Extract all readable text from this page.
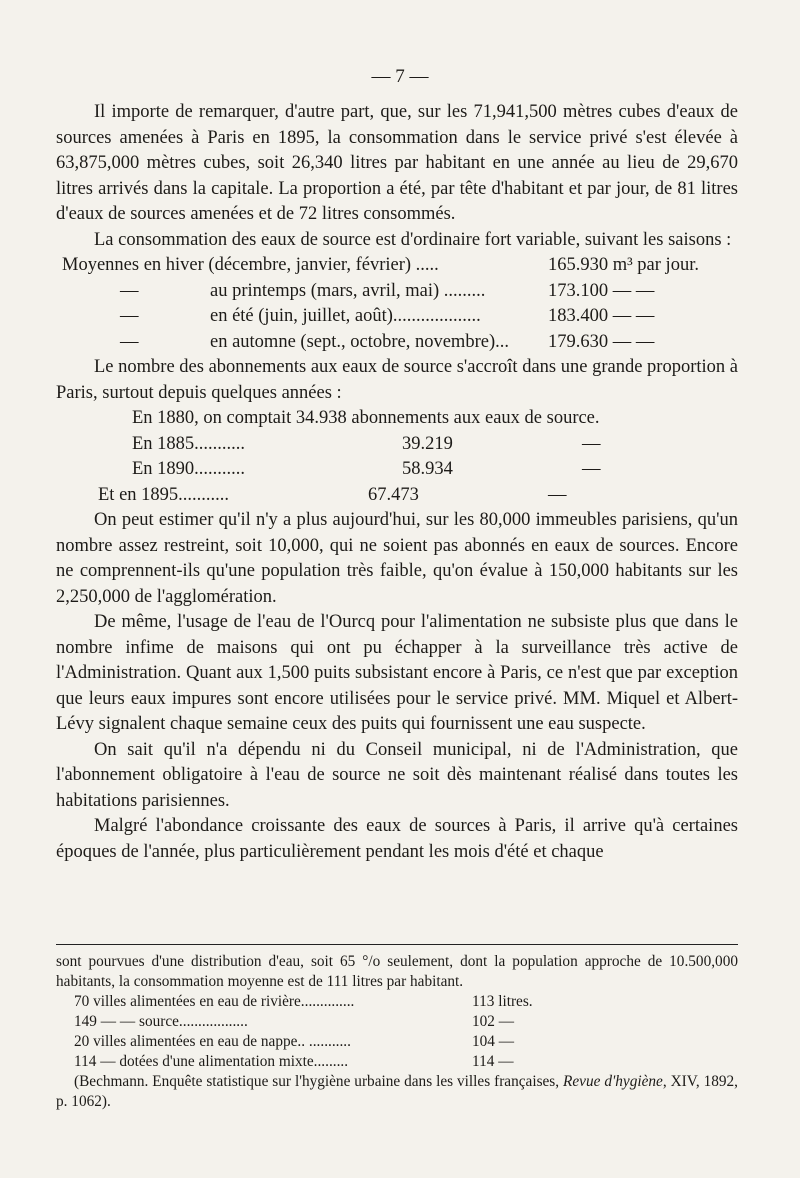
— 7 —

Il importe de remarquer, d'autre part, que, sur les 71,941,500 mètres cubes d'eaux de sources amenées à Paris en 1895, la consommation dans le service privé s'est élevée à 63,875,000 mètres cubes, soit 26,340 litres par habitant en une année au lieu de 29,670 litres arrivés dans la capitale. La proportion a été, par tête d'habitant et par jour, de 81 litres d'eaux de sources amenées et de 72 litres consommés.

La consommation des eaux de source est d'ordinaire fort variable, suivant les saisons :

Moyennes en hiver (décembre, janvier, février) .....	165.930 m³ par jour.
—	au printemps (mars, avril, mai) .........	173.100 — —
—	en été (juin, juillet, août)...................	183.400 — —
—	en automne (sept., octobre, novembre)...	179.630 — —

Le nombre des abonnements aux eaux de source s'accroît dans une grande proportion à Paris, surtout depuis quelques années :

En 1880, on comptait 34.938 abonnements aux eaux de source.
En 1885...........	39.219	—
En 1890...........	58.934	—
Et en 1895...........	67.473	—

On peut estimer qu'il n'y a plus aujourd'hui, sur les 80,000 immeubles parisiens, qu'un nombre assez restreint, soit 10,000, qui ne soient pas abonnés en eaux de sources. Encore ne comprennent-ils qu'une population très faible, qu'on évalue à 150,000 habitants sur les 2,250,000 de l'agglomération.

De même, l'usage de l'eau de l'Ourcq pour l'alimentation ne subsiste plus que dans le nombre infime de maisons qui ont pu échapper à la surveillance très active de l'Administration. Quant aux 1,500 puits subsistant encore à Paris, ce n'est que par exception que leurs eaux impures sont encore utilisées pour le service privé. MM. Miquel et Albert-Lévy signalent chaque semaine ceux des puits qui fournissent une eau suspecte.

On sait qu'il n'a dépendu ni du Conseil municipal, ni de l'Administration, que l'abonnement obligatoire à l'eau de source ne soit dès maintenant réalisé dans toutes les habitations parisiennes.

Malgré l'abondance croissante des eaux de sources à Paris, il arrive qu'à certaines époques de l'année, plus particulièrement pendant les mois d'été et chaque

sont pourvues d'une distribution d'eau, soit 65 °/o seulement, dont la population approche de 10.500,000 habitants, la consommation moyenne est de 111 litres par habitant.

70 villes alimentées en eau de rivière..............	113 litres.
149 — — source..................	102 —
20 villes alimentées en eau de nappe.. ...........	104 —
114 — dotées d'une alimentation mixte.........	114 —

(Bechmann. Enquête statistique sur l'hygiène urbaine dans les villes françaises, Revue d'hygiène, XIV, 1892, p. 1062).
